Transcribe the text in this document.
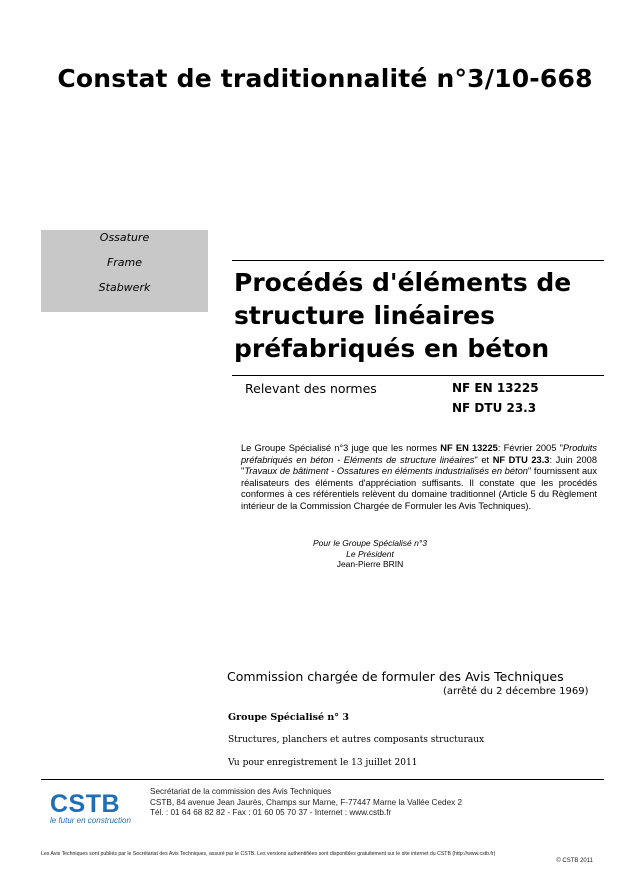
Constat de traditionnalité n°3/10-668
Ossature
Frame
Stabwerk	Procédés d'éléments de
structure linéaires
préfabriqués en béton
Relevant des normes	NF EN 13225
NF DTU 23.3
Le Groupe Spécialisé n°3 juge que les normes NF EN 13225: Février 2005 "Produits préfabriqués en béton - Eléments de structure linéaires" et NF DTU 23.3: Juin 2008 "Travaux de bâtiment - Ossatures en éléments industrialisés en béton" fournissent aux réalisateurs des éléments d'appréciation suffisants. Il constate que les procédés conformes à ces référentiels relèvent du domaine traditionnel (Article 5 du Règlement intérieur de la Commission Chargée de Formuler les Avis Techniques).
Pour le Groupe Spécialisé n°3
Le Président
Jean-Pierre BRIN
Commission chargée de formuler des Avis Techniques
(arrêté du 2 décembre 1969)
Groupe Spécialisé n° 3
Structures, planchers et autres composants structuraux
Vu pour enregistrement le 13 juillet 2011
CSTB
le futur en construction
Secrétariat de la commission des Avis Techniques
CSTB, 84 avenue Jean Jaurès, Champs sur Marne, F-77447 Marne la Vallée Cedex 2
Tél. : 01 64 68 82 82 - Fax : 01 60 05 70 37 - Internet : www.cstb.fr
Les Avis Techniques sont publiés par le Secrétariat des Avis Techniques, assuré par le CSTB. Les versions authentifiées sont disponibles gratuitement sur le site internet du CSTB (http://www.cstb.fr)
© CSTB 2011
